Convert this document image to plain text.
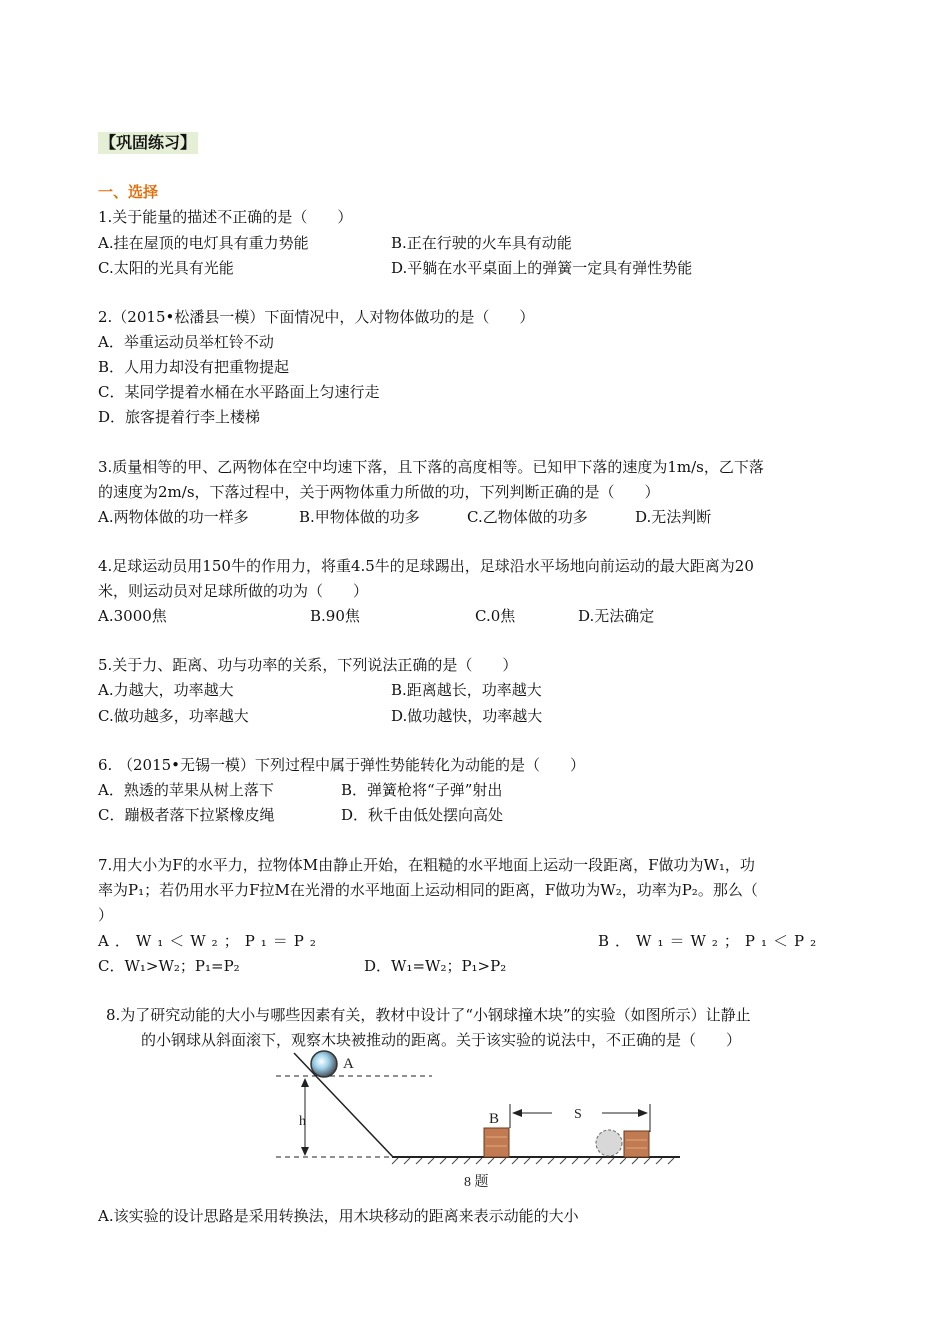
【巩固练习】
一、选择
1.关于能量的描述不正确的是（　　）
A.挂在屋顶的电灯具有重力势能	B.正在行驶的火车具有动能
C.太阳的光具有光能	D.平躺在水平桌面上的弹簧一定具有弹性势能
2.（2015•松潘县一模）下面情况中，人对物体做功的是（　　）
A．举重运动员举杠铃不动
B．人用力却没有把重物提起
C．某同学提着水桶在水平路面上匀速行走
D．旅客提着行李上楼梯
3.质量相等的甲、乙两物体在空中均速下落，且下落的高度相等。已知甲下落的速度为1m/s，乙下落
的速度为2m/s，下落过程中，关于两物体重力所做的功，下列判断正确的是（　　）
A.两物体做的功一样多	B.甲物体做的功多	C.乙物体做的功多	D.无法判断
4.足球运动员用150牛的作用力，将重4.5牛的足球踢出，足球沿水平场地向前运动的最大距离为20
米，则运动员对足球所做的功为（　　）
A.3000焦	B.90焦	C.0焦	D.无法确定
5.关于力、距离、功与功率的关系，下列说法正确的是（　　）
A.力越大，功率越大	B.距离越长，功率越大
C.做功越多，功率越大	D.做功越快，功率越大
6. （2015•无锡一模）下列过程中属于弹性势能转化为动能的是（　　）
A．熟透的苹果从树上落下	B．弹簧枪将“子弹”射出
C．蹦极者落下拉紧橡皮绳	D．秋千由低处摆向高处
7.用大小为F的水平力，拉物体M由静止开始，在粗糙的水平地面上运动一段距离，F做功为W₁，功
率为P₁；若仍用水平力F拉M在光滑的水平地面上运动相同的距离，F做功为W₂，功率为P₂。那么（
）
A．W₁＜W₂；P₁＝P₂	B．W₁＝W₂；P₁＜P₂
C．W₁>W₂；P₁=P₂	D．W₁=W₂；P₁>P₂
8.为了研究动能的大小与哪些因素有关，教材中设计了“小钢球撞木块”的实验（如图所示）让静止
的小钢球从斜面滚下，观察木块被推动的距离。关于该实验的说法中，不正确的是（　　）
A
h	B	S
8 题
A.该实验的设计思路是采用转换法，用木块移动的距离来表示动能的大小
